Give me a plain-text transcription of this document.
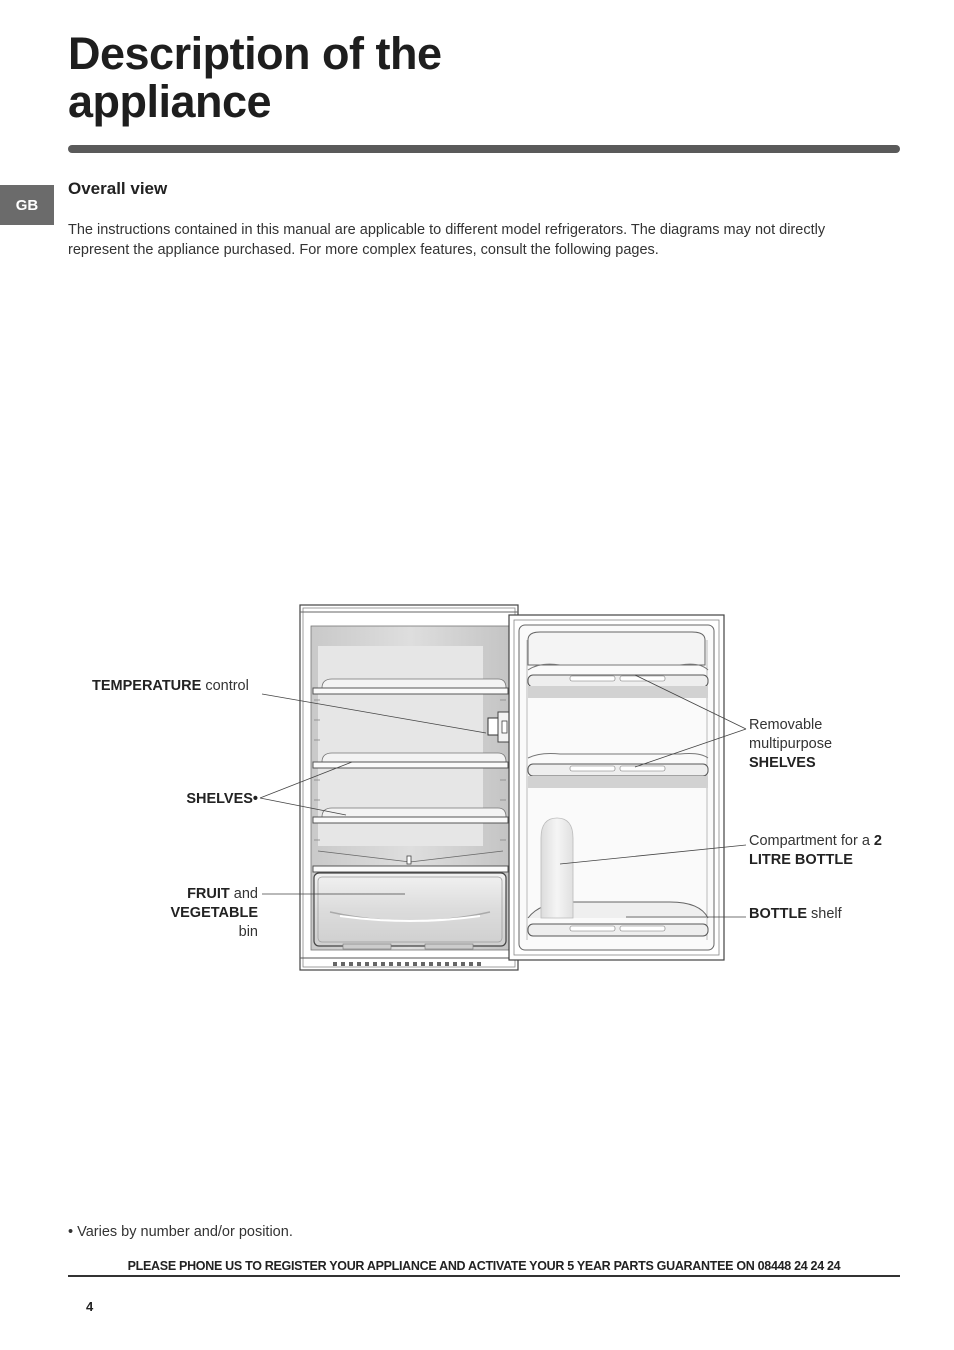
Description of the
appliance
GB
Overall view

The instructions contained in this manual are applicable to different model refrigerators. The diagrams may not directly represent the appliance purchased. For more complex features, consult the following pages.

TEMPERATURE control
SHELVES•
FRUIT and
VEGETABLE
bin
Removable
multipurpose
SHELVES
Compartment for a 2
LITRE BOTTLE
BOTTLE shelf
• Varies by number and/or position.
PLEASE PHONE US TO REGISTER YOUR APPLIANCE AND ACTIVATE YOUR 5 YEAR PARTS GUARANTEE ON 08448 24 24 24
4
